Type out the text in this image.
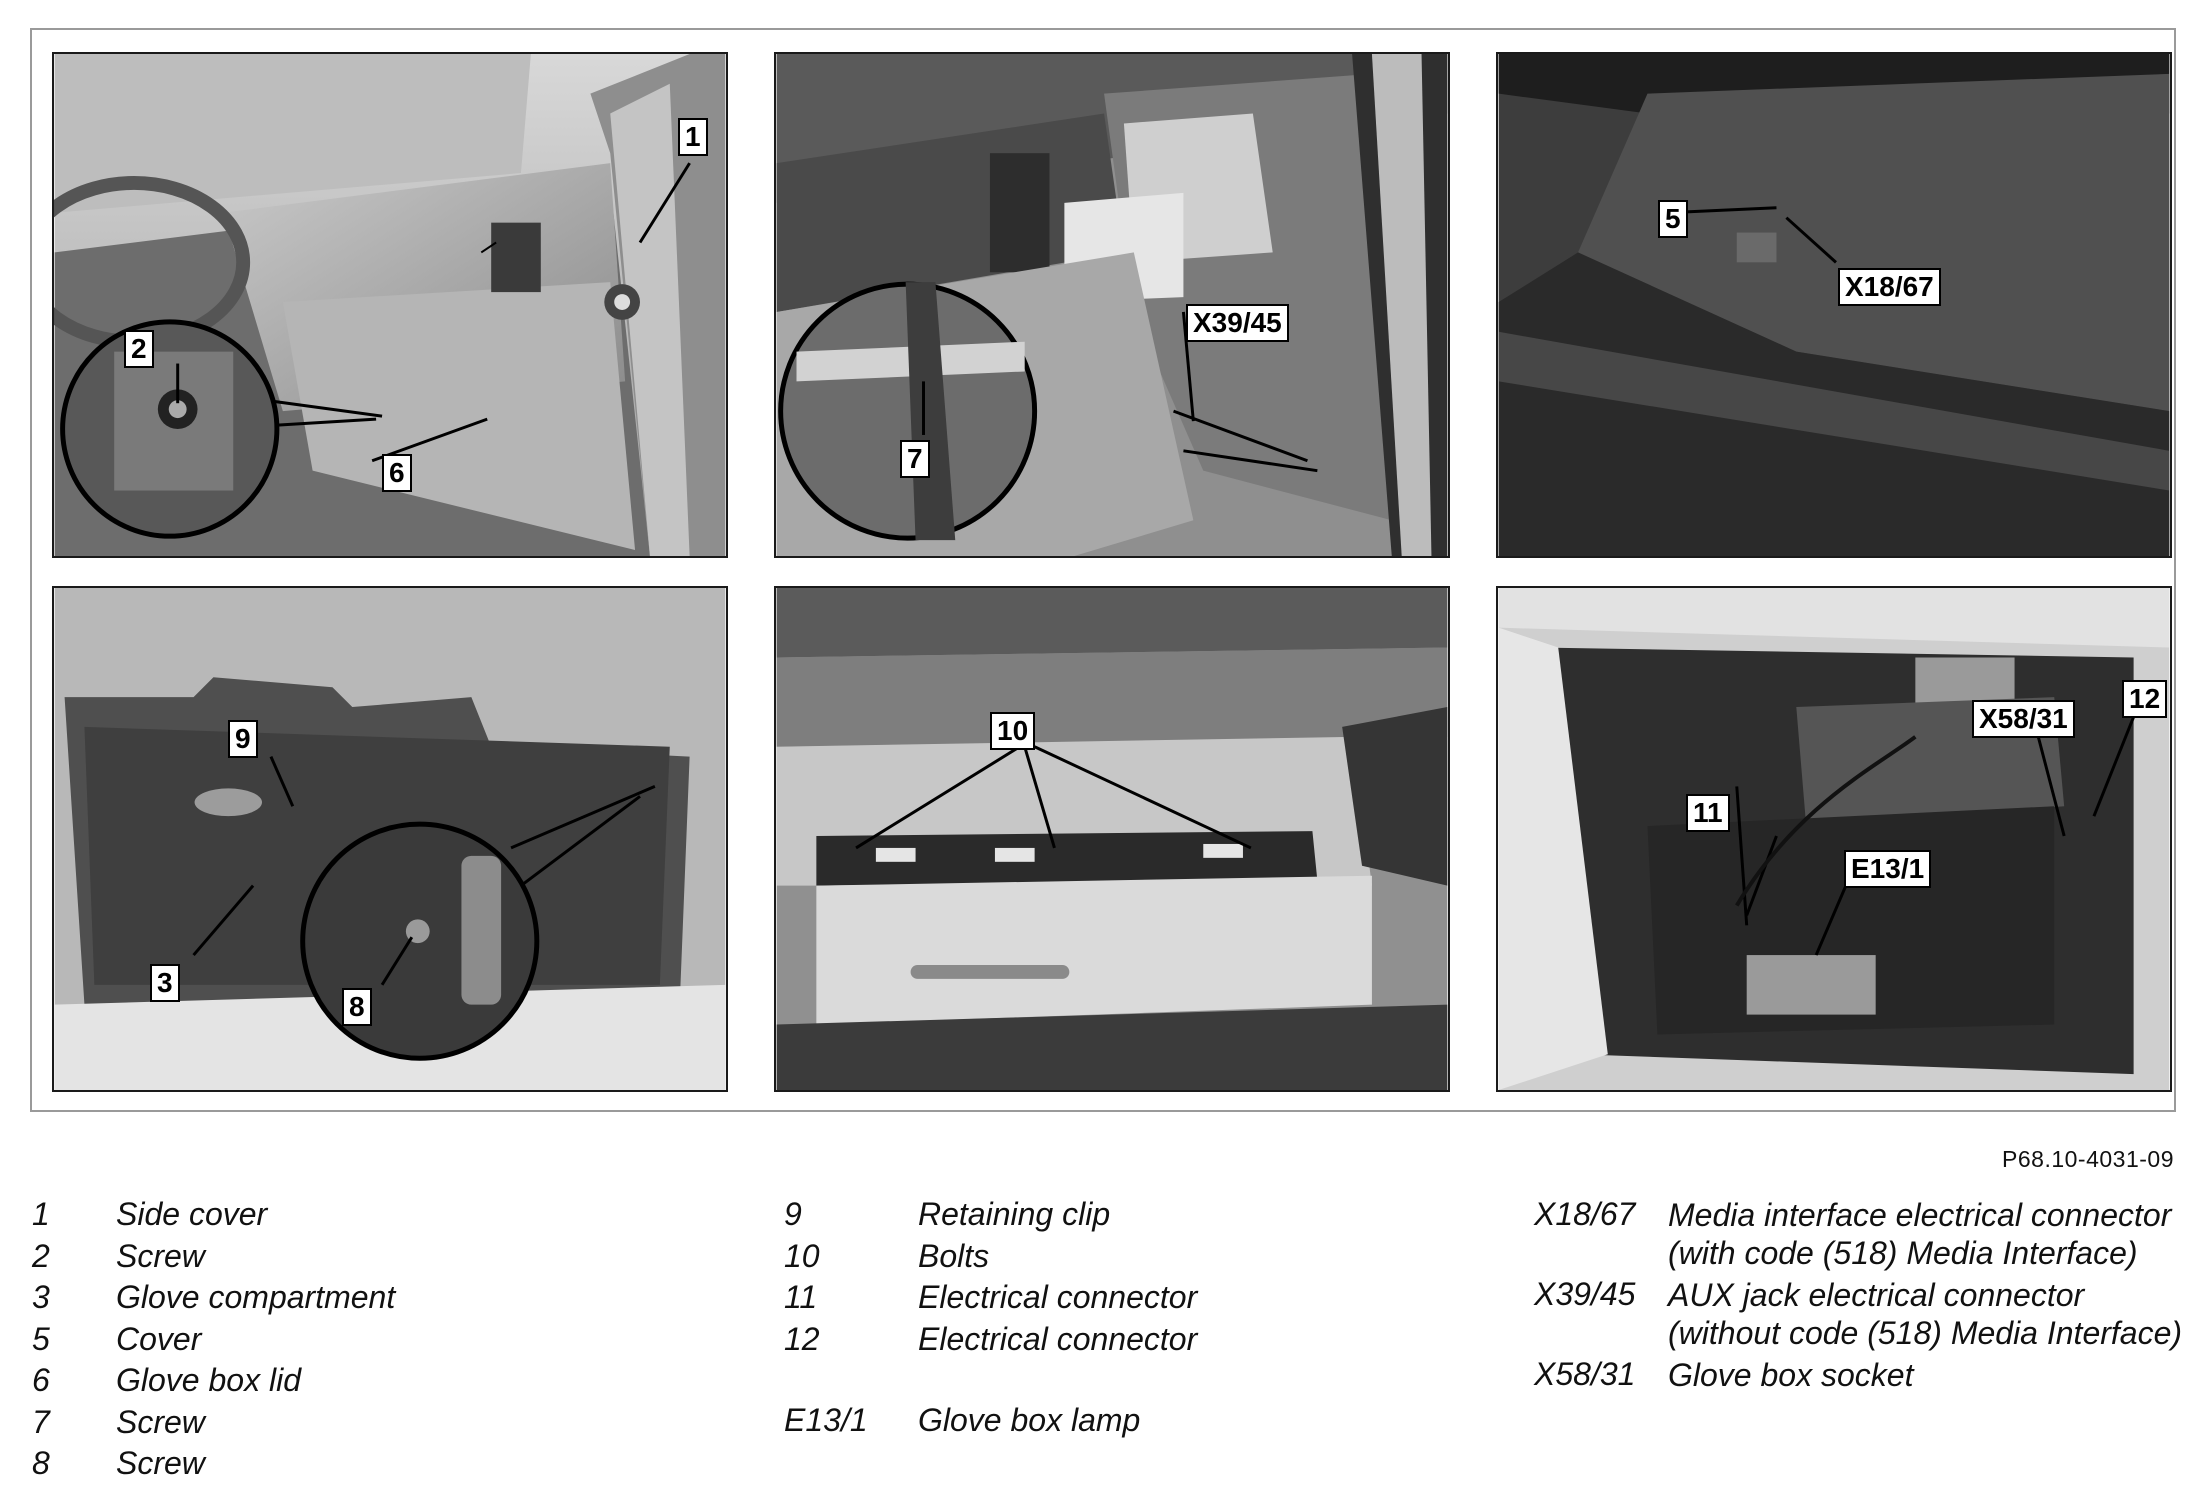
1
2
6
X39/45
7
5
X18/67
9
3
8
10
12
X58/31
11
E13/1
P68.10-4031-09
1 Side cover
2 Screw
3 Glove compartment
5 Cover
6 Glove box lid
7 Screw
8 Screw
9	Retaining clip
10	Bolts
11	Electrical connector
12	Electrical connector
E13/1 Glove box lamp
X18/67 Media interface electrical connector (with code (518) Media Interface)
X39/45 AUX jack electrical connector (without code (518) Media Interface)
X58/31 Glove box socket
